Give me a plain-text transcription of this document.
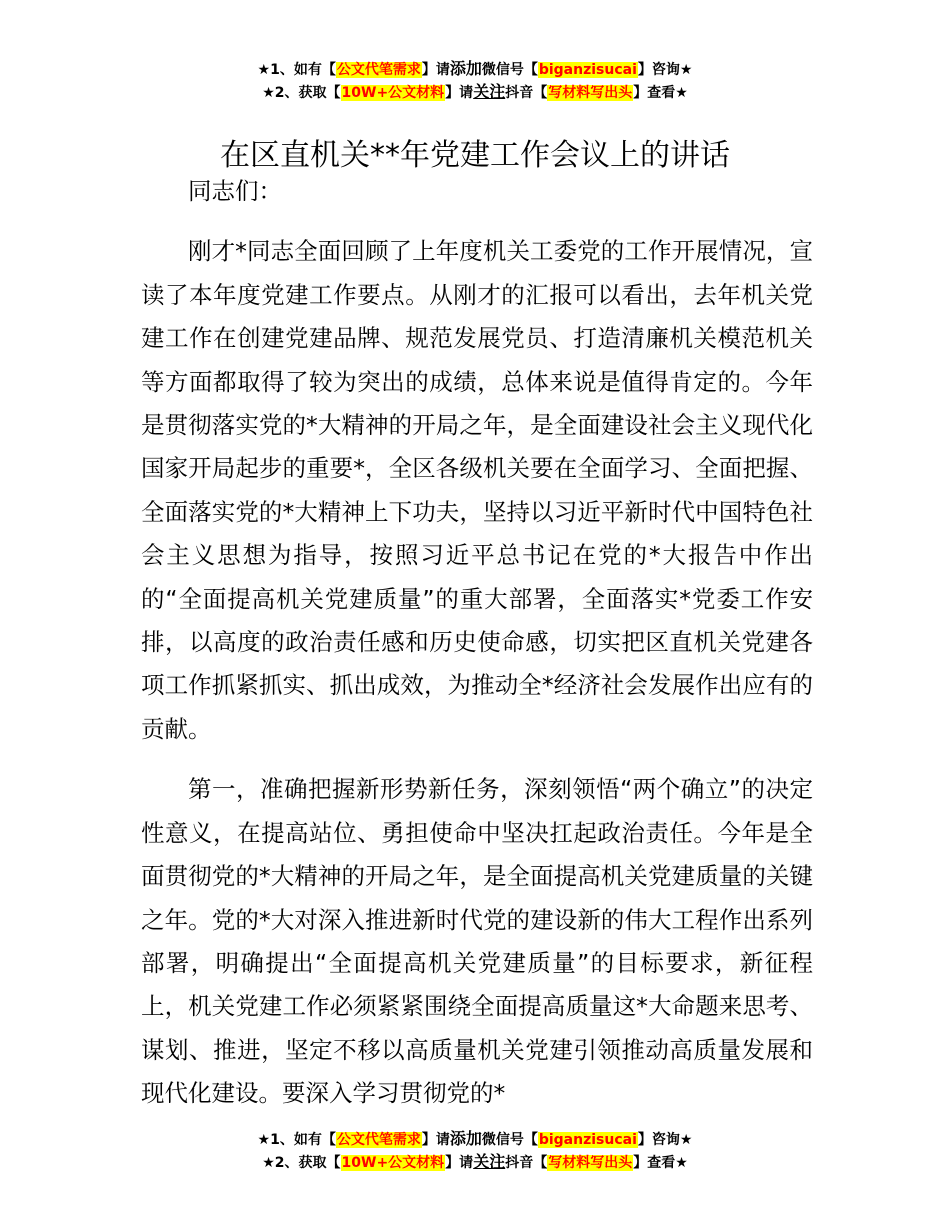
★1、如有【公文代笔需求】请添加微信号【biganzisucai】咨询★
★2、获取【10W+公文材料】请关注抖音【写材料写出头】查看★
在区直机关**年党建工作会议上的讲话

同志们：

刚才*同志全面回顾了上年度机关工委党的工作开展情况，宣读了本年度党建工作要点。从刚才的汇报可以看出，去年机关党建工作在创建党建品牌、规范发展党员、打造清廉机关模范机关等方面都取得了较为突出的成绩，总体来说是值得肯定的。今年是贯彻落实党的*大精神的开局之年，是全面建设社会主义现代化国家开局起步的重要*，全区各级机关要在全面学习、全面把握、全面落实党的*大精神上下功夫，坚持以习近平新时代中国特色社会主义思想为指导，按照习近平总书记在党的*大报告中作出的“全面提高机关党建质量”的重大部署，全面落实*党委工作安排，以高度的政治责任感和历史使命感，切实把区直机关党建各项工作抓紧抓实、抓出成效，为推动全*经济社会发展作出应有的贡献。

第一，准确把握新形势新任务，深刻领悟“两个确立”的决定性意义，在提高站位、勇担使命中坚决扛起政治责任。今年是全面贯彻党的*大精神的开局之年，是全面提高机关党建质量的关键之年。党的*大对深入推进新时代党的建设新的伟大工程作出系列部署，明确提出“全面提高机关党建质量”的目标要求，新征程上，机关党建工作必须紧紧围绕全面提高质量这*大命题来思考、谋划、推进，坚定不移以高质量机关党建引领推动高质量发展和现代化建设。要深入学习贯彻党的*

★1、如有【公文代笔需求】请添加微信号【biganzisucai】咨询★
★2、获取【10W+公文材料】请关注抖音【写材料写出头】查看★
